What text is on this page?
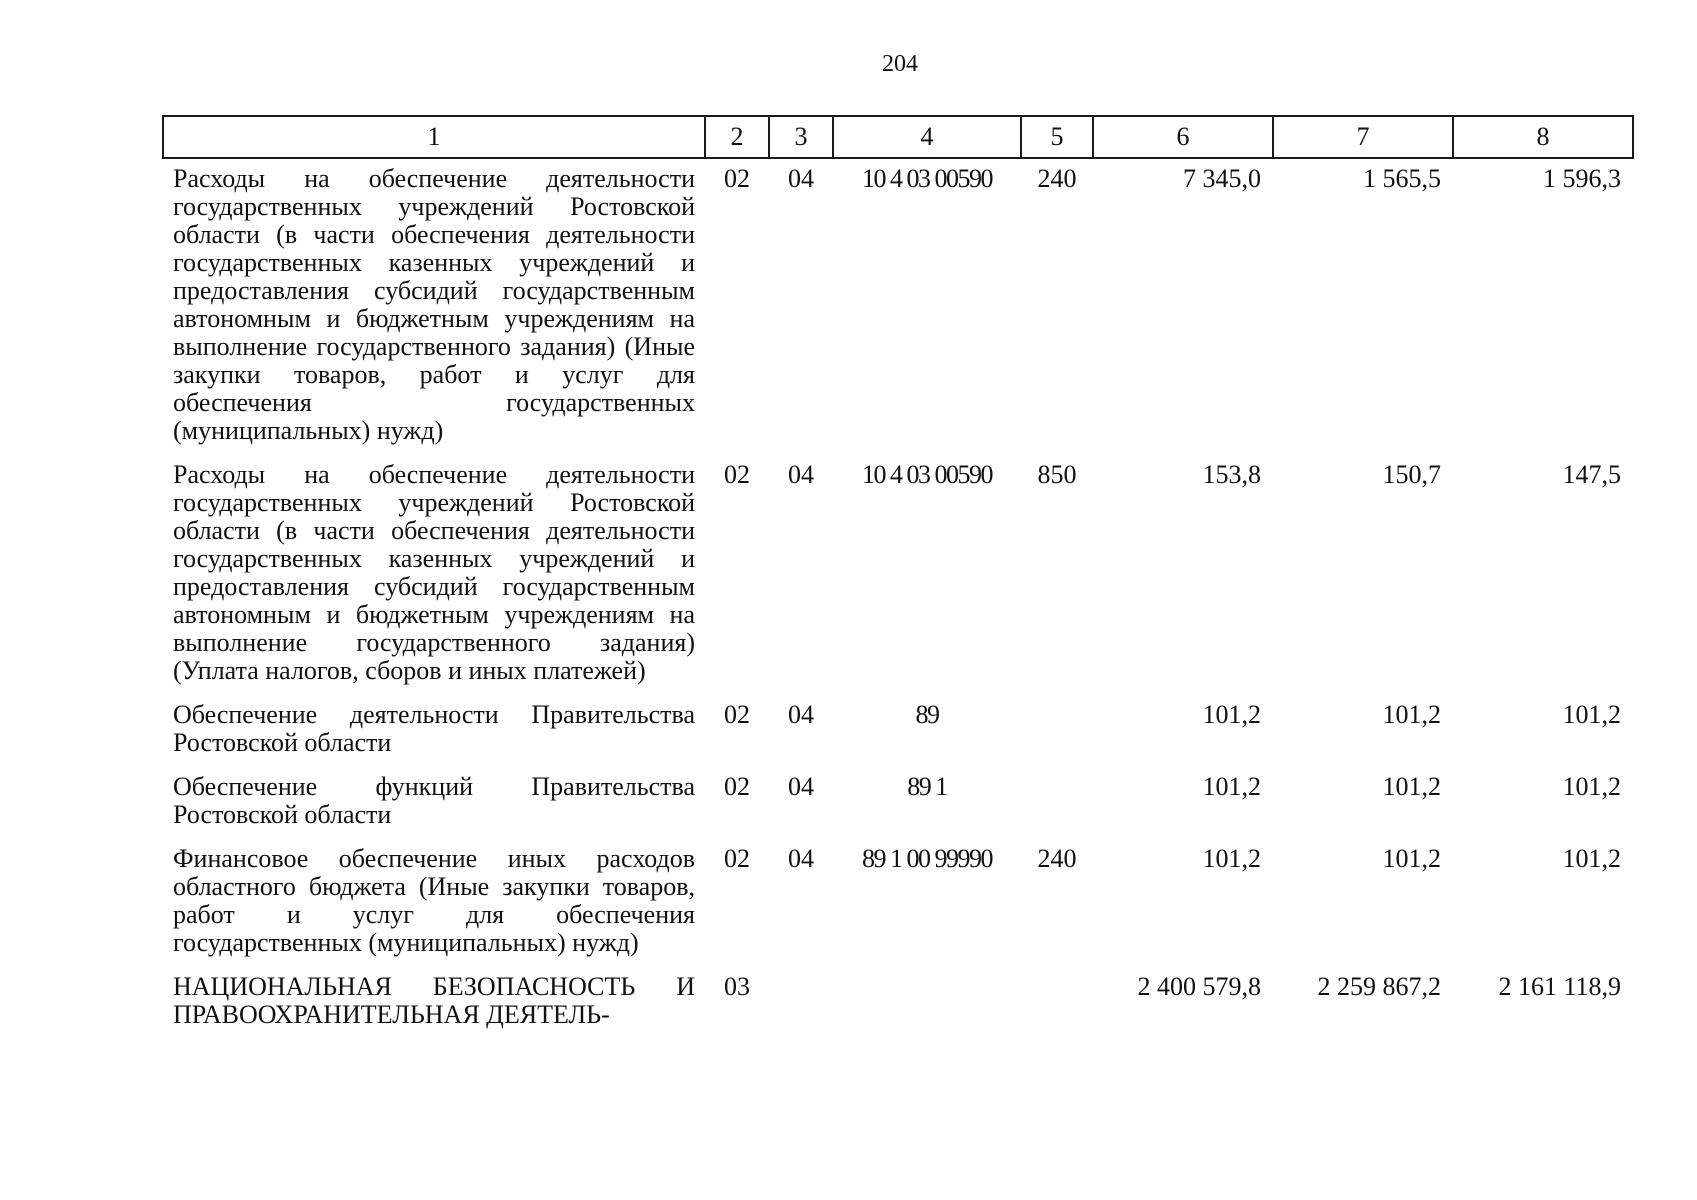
204
1	2	3	4	5	6	7	8
Расходы на обеспечение деятельности государственных учреждений Ростовской области (в части обеспечения деятельности государственных казенных учреждений и предоставления субсидий государственным автономным и бюджетным учреждениям на выполнение государственного задания) (Иные закупки товаров, работ и услуг для обеспечения государственных (муниципальных) нужд)	02	04	10 4 03 00590	240	7 345,0	1 565,5	1 596,3
Расходы на обеспечение деятельности государственных учреждений Ростовской области (в части обеспечения деятельности государственных казенных учреждений и предоставления субсидий государственным автономным и бюджетным учреждениям на выполнение государственного задания) (Уплата налогов, сборов и иных платежей)	02	04	10 4 03 00590	850	153,8	150,7	147,5
Обеспечение деятельности Правительства Ростовской области	02	04	89		101,2	101,2	101,2
Обеспечение функций Правительства Ростовской области	02	04	89 1		101,2	101,2	101,2
Финансовое обеспечение иных расходов областного бюджета (Иные закупки товаров, работ и услуг для обеспечения государственных (муниципальных) нужд)	02	04	89 1 00 99990	240	101,2	101,2	101,2
НАЦИОНАЛЬНАЯ БЕЗОПАСНОСТЬ И ПРАВООХРАНИТЕЛЬНАЯ ДЕЯТЕЛЬ-	03				2 400 579,8	2 259 867,2	2 161 118,9
